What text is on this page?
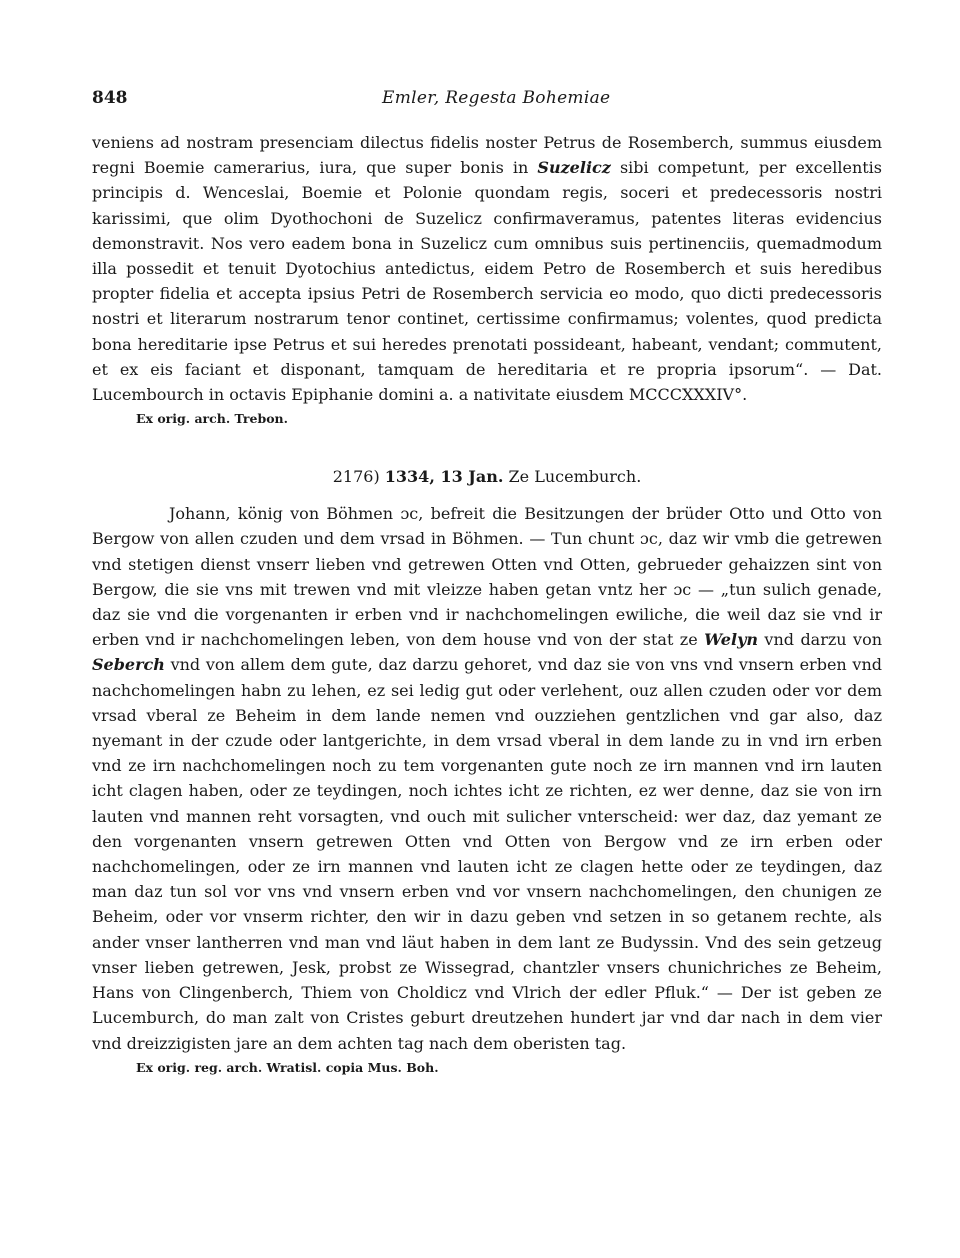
848	Emler, Regesta Bohemiae

veniens ad nostram presenciam dilectus fidelis noster Petrus de Rosemberch, summus eiusdem regni Boemie camerarius, iura, que super bonis in Suzelicz sibi competunt, per excellentis principis d. Wenceslai, Boemie et Polonie quondam regis, soceri et predecessoris nostri karissimi, que olim Dyothochoni de Suzelicz confirmaveramus, patentes literas evidencius demonstravit. Nos vero eadem bona in Suzelicz cum omnibus suis pertinenciis, quemadmodum illa possedit et tenuit Dyotochius antedictus, eidem Petro de Rosemberch et suis heredibus propter fidelia et accepta ipsius Petri de Rosemberch servicia eo modo, quo dicti predecessoris nostri et literarum nostrarum tenor continet, certissime confirmamus; volentes, quod predicta bona hereditarie ipse Petrus et sui heredes prenotati possideant, habeant, vendant; commutent, et ex eis faciant et disponant, tamquam de hereditaria et re propria ipsorum“. — Dat. Lucembourch in octavis Epiphanie domini a. a nativitate eiusdem MCCCXXXIV°.

Ex orig. arch. Trebon.
2176) 1334, 13 Jan. Ze Lucemburch.

Johann, könig von Böhmen ɔc, befreit die Besitzungen der brüder Otto und Otto von Bergow von allen czuden und dem vrsad in Böhmen. — Tun chunt ɔc, daz wir vmb die getrewen vnd stetigen dienst vnserr lieben vnd getrewen Otten vnd Otten, gebrueder gehaizzen sint von Bergow, die sie vns mit trewen vnd mit vleizze haben getan vntz her ɔc — „tun sulich genade, daz sie vnd die vorgenanten ir erben vnd ir nachchomelingen ewiliche, die weil daz sie vnd ir erben vnd ir nachchomelingen leben, von dem house vnd von der stat ze Welyn vnd darzu von Seberch vnd von allem dem gute, daz darzu gehoret, vnd daz sie von vns vnd vnsern erben vnd nachchomelingen habn zu lehen, ez sei ledig gut oder verlehent, ouz allen czuden oder vor dem vrsad vberal ze Beheim in dem lande nemen vnd ouzziehen gentzlichen vnd gar also, daz nyemant in der czude oder lantgerichte, in dem vrsad vberal in dem lande zu in vnd irn erben vnd ze irn nachchomelingen noch zu tem vorgenanten gute noch ze irn mannen vnd irn lauten icht clagen haben, oder ze teydingen, noch ichtes icht ze richten, ez wer denne, daz sie von irn lauten vnd mannen reht vorsagten, vnd ouch mit sulicher vnterscheid: wer daz, daz yemant ze den vorgenanten vnsern getrewen Otten vnd Otten von Bergow vnd ze irn erben oder nachchomelingen, oder ze irn mannen vnd lauten icht ze clagen hette oder ze teydingen, daz man daz tun sol vor vns vnd vnsern erben vnd vor vnsern nachchomelingen, den chunigen ze Beheim, oder vor vnserm richter, den wir in dazu geben vnd setzen in so getanem rechte, als ander vnser lantherren vnd man vnd läut haben in dem lant ze Budyssin. Vnd des sein getzeug vnser lieben getrewen, Jesk, probst ze Wissegrad, chantzler vnsers chunichriches ze Beheim, Hans von Clingenberch, Thiem von Choldicz vnd Vlrich der edler Pfluk.“ — Der ist geben ze Lucemburch, do man zalt von Cristes geburt dreutzehen hundert jar vnd dar nach in dem vier vnd dreizzigisten jare an dem achten tag nach dem oberisten tag.

Ex orig. reg. arch. Wratisl. copia Mus. Boh.
